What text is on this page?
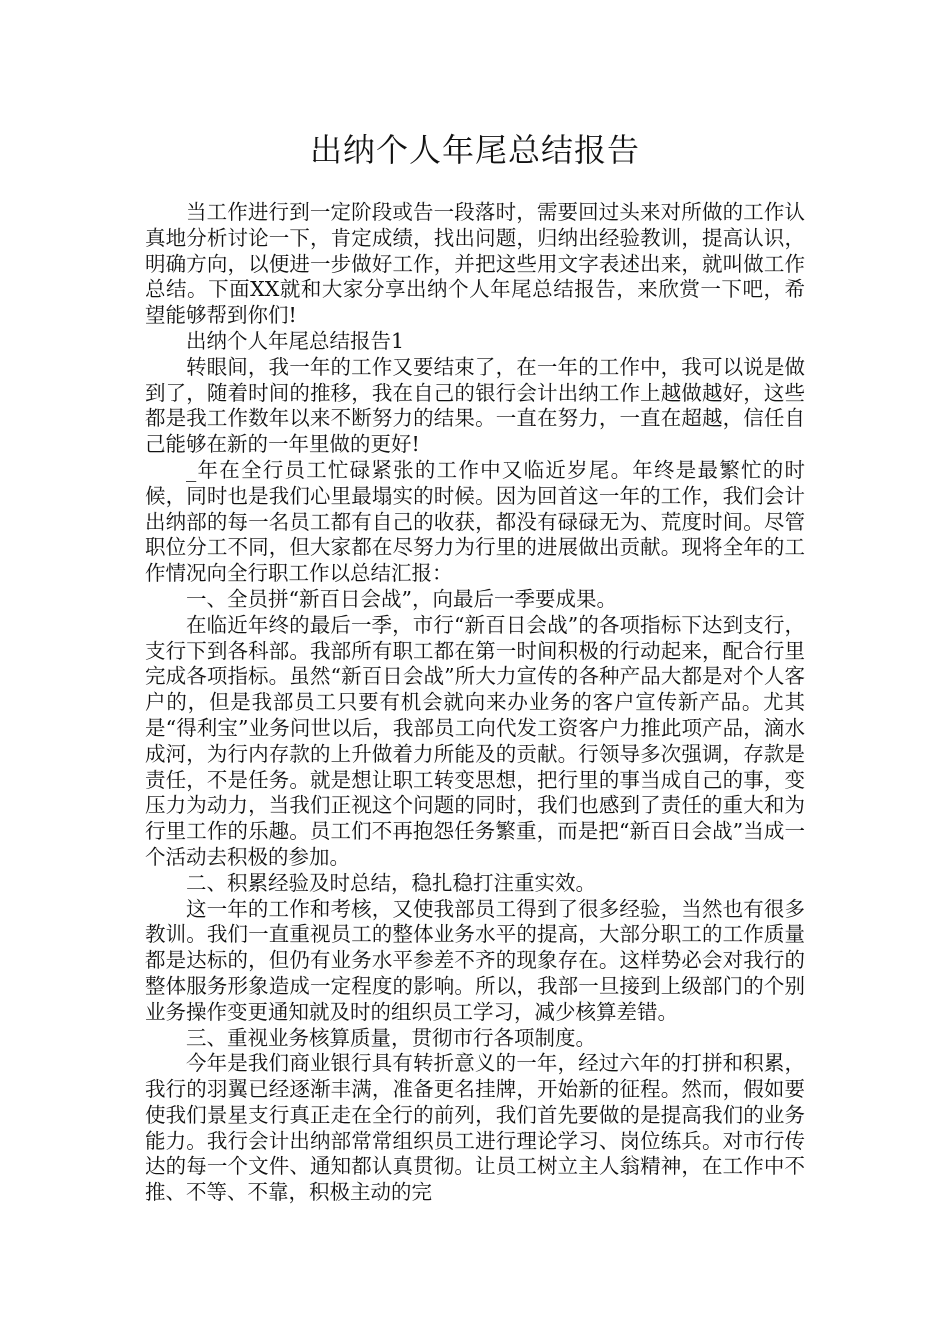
出纳个人年尾总结报告

当工作进行到一定阶段或告一段落时，需要回过头来对所做的工作认真地分析讨论一下，肯定成绩，找出问题，归纳出经验教训，提高认识，明确方向，以便进一步做好工作，并把这些用文字表述出来，就叫做工作总结。下面XX就和大家分享出纳个人年尾总结报告，来欣赏一下吧，希望能够帮到你们!

出纳个人年尾总结报告1

转眼间，我一年的工作又要结束了，在一年的工作中，我可以说是做到了，随着时间的推移，我在自己的银行会计出纳工作上越做越好，这些都是我工作数年以来不断努力的结果。一直在努力，一直在超越，信任自己能够在新的一年里做的更好!

_年在全行员工忙碌紧张的工作中又临近岁尾。年终是最繁忙的时候，同时也是我们心里最塌实的时候。因为回首这一年的工作，我们会计出纳部的每一名员工都有自己的收获，都没有碌碌无为、荒度时间。尽管职位分工不同，但大家都在尽努力为行里的进展做出贡献。现将全年的工作情况向全行职工作以总结汇报：

一、全员拼“新百日会战”，向最后一季要成果。

在临近年终的最后一季，市行“新百日会战”的各项指标下达到支行，支行下到各科部。我部所有职工都在第一时间积极的行动起来，配合行里完成各项指标。虽然“新百日会战”所大力宣传的各种产品大都是对个人客户的，但是我部员工只要有机会就向来办业务的客户宣传新产品。尤其是“得利宝”业务问世以后，我部员工向代发工资客户力推此项产品，滴水成河，为行内存款的上升做着力所能及的贡献。行领导多次强调，存款是责任，不是任务。就是想让职工转变思想，把行里的事当成自己的事，变压力为动力，当我们正视这个问题的同时，我们也感到了责任的重大和为行里工作的乐趣。员工们不再抱怨任务繁重，而是把“新百日会战”当成一个活动去积极的参加。

二、积累经验及时总结，稳扎稳打注重实效。

这一年的工作和考核，又使我部员工得到了很多经验，当然也有很多教训。我们一直重视员工的整体业务水平的提高，大部分职工的工作质量都是达标的，但仍有业务水平参差不齐的现象存在。这样势必会对我行的整体服务形象造成一定程度的影响。所以，我部一旦接到上级部门的个别业务操作变更通知就及时的组织员工学习，减少核算差错。

三、重视业务核算质量，贯彻市行各项制度。

今年是我们商业银行具有转折意义的一年，经过六年的打拼和积累，我行的羽翼已经逐渐丰满，准备更名挂牌，开始新的征程。然而，假如要使我们景星支行真正走在全行的前列，我们首先要做的是提高我们的业务能力。我行会计出纳部常常组织员工进行理论学习、岗位练兵。对市行传达的每一个文件、通知都认真贯彻。让员工树立主人翁精神，在工作中不推、不等、不靠，积极主动的完
